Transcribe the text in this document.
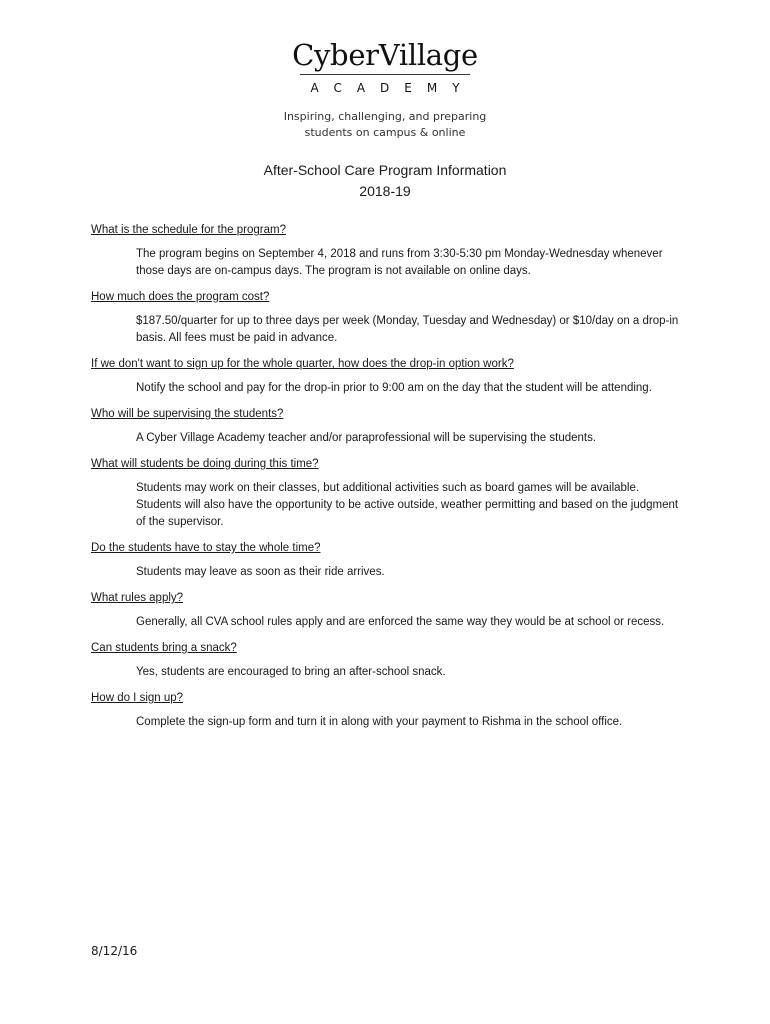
CyberVillage
ACADEMY
Inspiring, challenging, and preparing
students on campus & online
After-School Care Program Information
2018-19

What is the schedule for the program?

The program begins on September 4, 2018 and runs from 3:30-5:30 pm Monday-Wednesday whenever those days are on-campus days. The program is not available on online days.

How much does the program cost?

$187.50/quarter for up to three days per week (Monday, Tuesday and Wednesday) or $10/day on a drop-in basis. All fees must be paid in advance.

If we don't want to sign up for the whole quarter, how does the drop-in option work?

Notify the school and pay for the drop-in prior to 9:00 am on the day that the student will be attending.

Who will be supervising the students?

A Cyber Village Academy teacher and/or paraprofessional will be supervising the students.

What will students be doing during this time?

Students may work on their classes, but additional activities such as board games will be available. Students will also have the opportunity to be active outside, weather permitting and based on the judgment of the supervisor.

Do the students have to stay the whole time?

Students may leave as soon as their ride arrives.

What rules apply?

Generally, all CVA school rules apply and are enforced the same way they would be at school or recess.

Can students bring a snack?

Yes, students are encouraged to bring an after-school snack.

How do I sign up?

Complete the sign-up form and turn it in along with your payment to Rishma in the school office.

8/12/16
